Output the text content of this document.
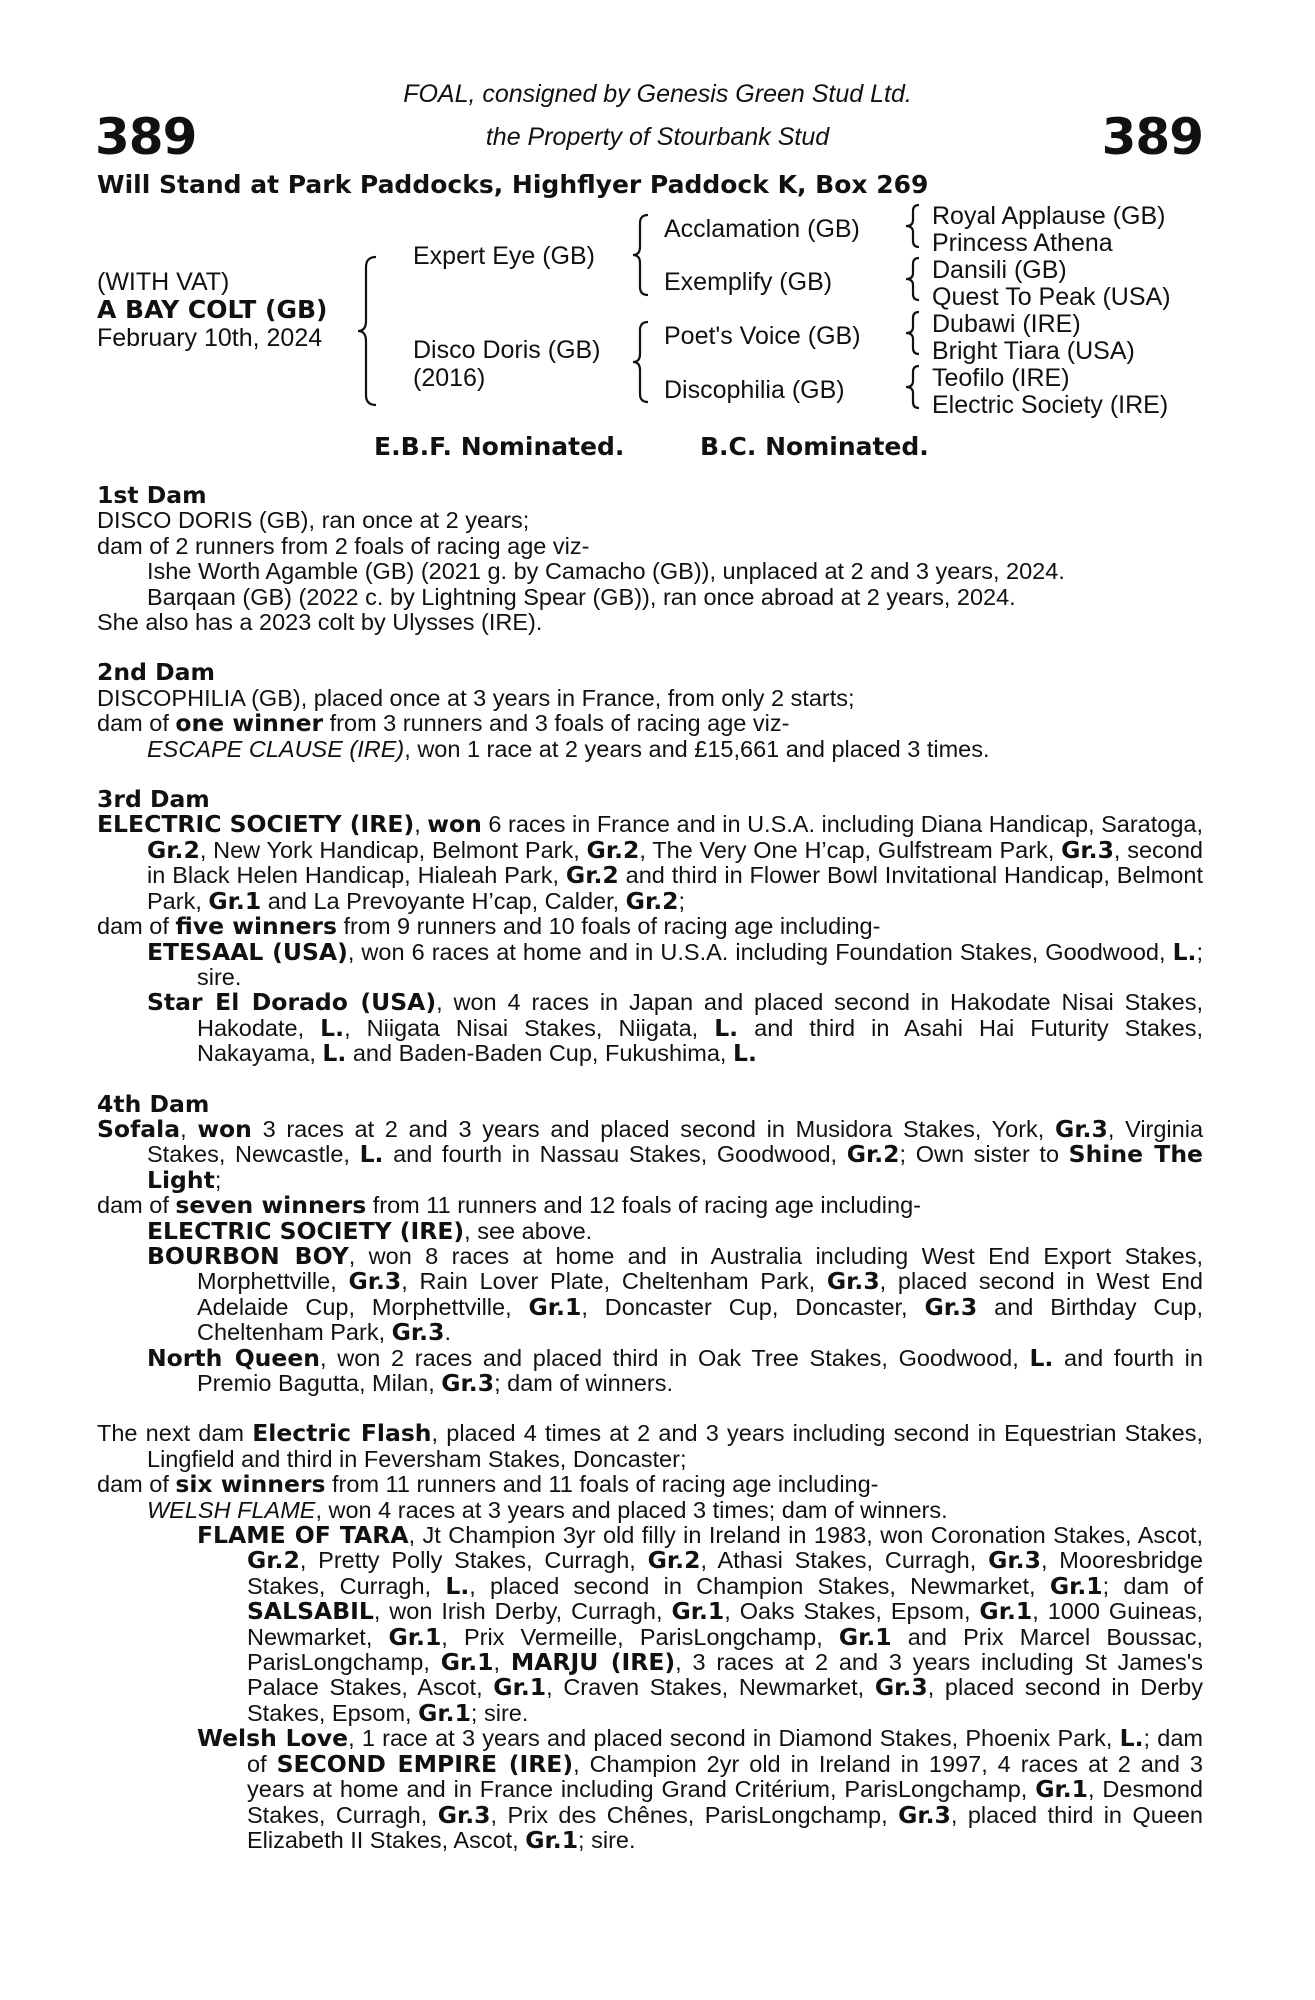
389	389
FOAL, consigned by Genesis Green Stud Ltd.
the Property of Stourbank Stud
Will Stand at Park Paddocks, Highflyer Paddock K, Box 269
(WITH VAT)
A BAY COLT (GB)
February 10th, 2024
Expert Eye (GB)
Disco Doris (GB)
(2016)
Acclamation (GB)
Exemplify (GB)
Poet's Voice (GB)
Discophilia (GB)
Royal Applause (GB)
Princess Athena
Dansili (GB)
Quest To Peak (USA)
Dubawi (IRE)
Bright Tiara (USA)
Teofilo (IRE)
Electric Society (IRE)
E.B.F. Nominated.	B.C. Nominated.

1st Dam

DISCO DORIS (GB), ran once at 2 years;

dam of 2 runners from 2 foals of racing age viz-

Ishe Worth Agamble (GB) (2021 g. by Camacho (GB)), unplaced at 2 and 3 years, 2024.

Barqaan (GB) (2022 c. by Lightning Spear (GB)), ran once abroad at 2 years, 2024.

She also has a 2023 colt by Ulysses (IRE).

2nd Dam

DISCOPHILIA (GB), placed once at 3 years in France, from only 2 starts;

dam of one winner from 3 runners and 3 foals of racing age viz-

ESCAPE CLAUSE (IRE), won 1 race at 2 years and £15,661 and placed 3 times.

3rd Dam

ELECTRIC SOCIETY (IRE), won 6 races in France and in U.S.A. including Diana Handicap, Saratoga, Gr.2, New York Handicap, Belmont Park, Gr.2, The Very One H’cap, Gulfstream Park, Gr.3, second in Black Helen Handicap, Hialeah Park, Gr.2 and third in Flower Bowl Invitational Handicap, Belmont Park, Gr.1 and La Prevoyante H’cap, Calder, Gr.2;

dam of five winners from 9 runners and 10 foals of racing age including-

ETESAAL (USA), won 6 races at home and in U.S.A. including Foundation Stakes, Goodwood, L.; sire.

Star El Dorado (USA), won 4 races in Japan and placed second in Hakodate Nisai Stakes, Hakodate, L., Niigata Nisai Stakes, Niigata, L. and third in Asahi Hai Futurity Stakes, Nakayama, L. and Baden-Baden Cup, Fukushima, L.

4th Dam

Sofala, won 3 races at 2 and 3 years and placed second in Musidora Stakes, York, Gr.3, Virginia Stakes, Newcastle, L. and fourth in Nassau Stakes, Goodwood, Gr.2; Own sister to Shine The Light;

dam of seven winners from 11 runners and 12 foals of racing age including-

ELECTRIC SOCIETY (IRE), see above.

BOURBON BOY, won 8 races at home and in Australia including West End Export Stakes, Morphettville, Gr.3, Rain Lover Plate, Cheltenham Park, Gr.3, placed second in West End Adelaide Cup, Morphettville, Gr.1, Doncaster Cup, Doncaster, Gr.3 and Birthday Cup, Cheltenham Park, Gr.3.

North Queen, won 2 races and placed third in Oak Tree Stakes, Goodwood, L. and fourth in Premio Bagutta, Milan, Gr.3; dam of winners.

The next dam Electric Flash, placed 4 times at 2 and 3 years including second in Equestrian Stakes, Lingfield and third in Feversham Stakes, Doncaster;

dam of six winners from 11 runners and 11 foals of racing age including-

WELSH FLAME, won 4 races at 3 years and placed 3 times; dam of winners.

FLAME OF TARA, Jt Champion 3yr old filly in Ireland in 1983, won Coronation Stakes, Ascot, Gr.2, Pretty Polly Stakes, Curragh, Gr.2, Athasi Stakes, Curragh, Gr.3, Mooresbridge Stakes, Curragh, L., placed second in Champion Stakes, Newmarket, Gr.1; dam of SALSABIL, won Irish Derby, Curragh, Gr.1, Oaks Stakes, Epsom, Gr.1, 1000 Guineas, Newmarket, Gr.1, Prix Vermeille, ParisLongchamp, Gr.1 and Prix Marcel Boussac, ParisLongchamp, Gr.1, MARJU (IRE), 3 races at 2 and 3 years including St James's Palace Stakes, Ascot, Gr.1, Craven Stakes, Newmarket, Gr.3, placed second in Derby Stakes, Epsom, Gr.1; sire.

Welsh Love, 1 race at 3 years and placed second in Diamond Stakes, Phoenix Park, L.; dam of SECOND EMPIRE (IRE), Champion 2yr old in Ireland in 1997, 4 races at 2 and 3 years at home and in France including Grand Critérium, ParisLongchamp, Gr.1, Desmond Stakes, Curragh, Gr.3, Prix des Chênes, ParisLongchamp, Gr.3, placed third in Queen Elizabeth II Stakes, Ascot, Gr.1; sire.
